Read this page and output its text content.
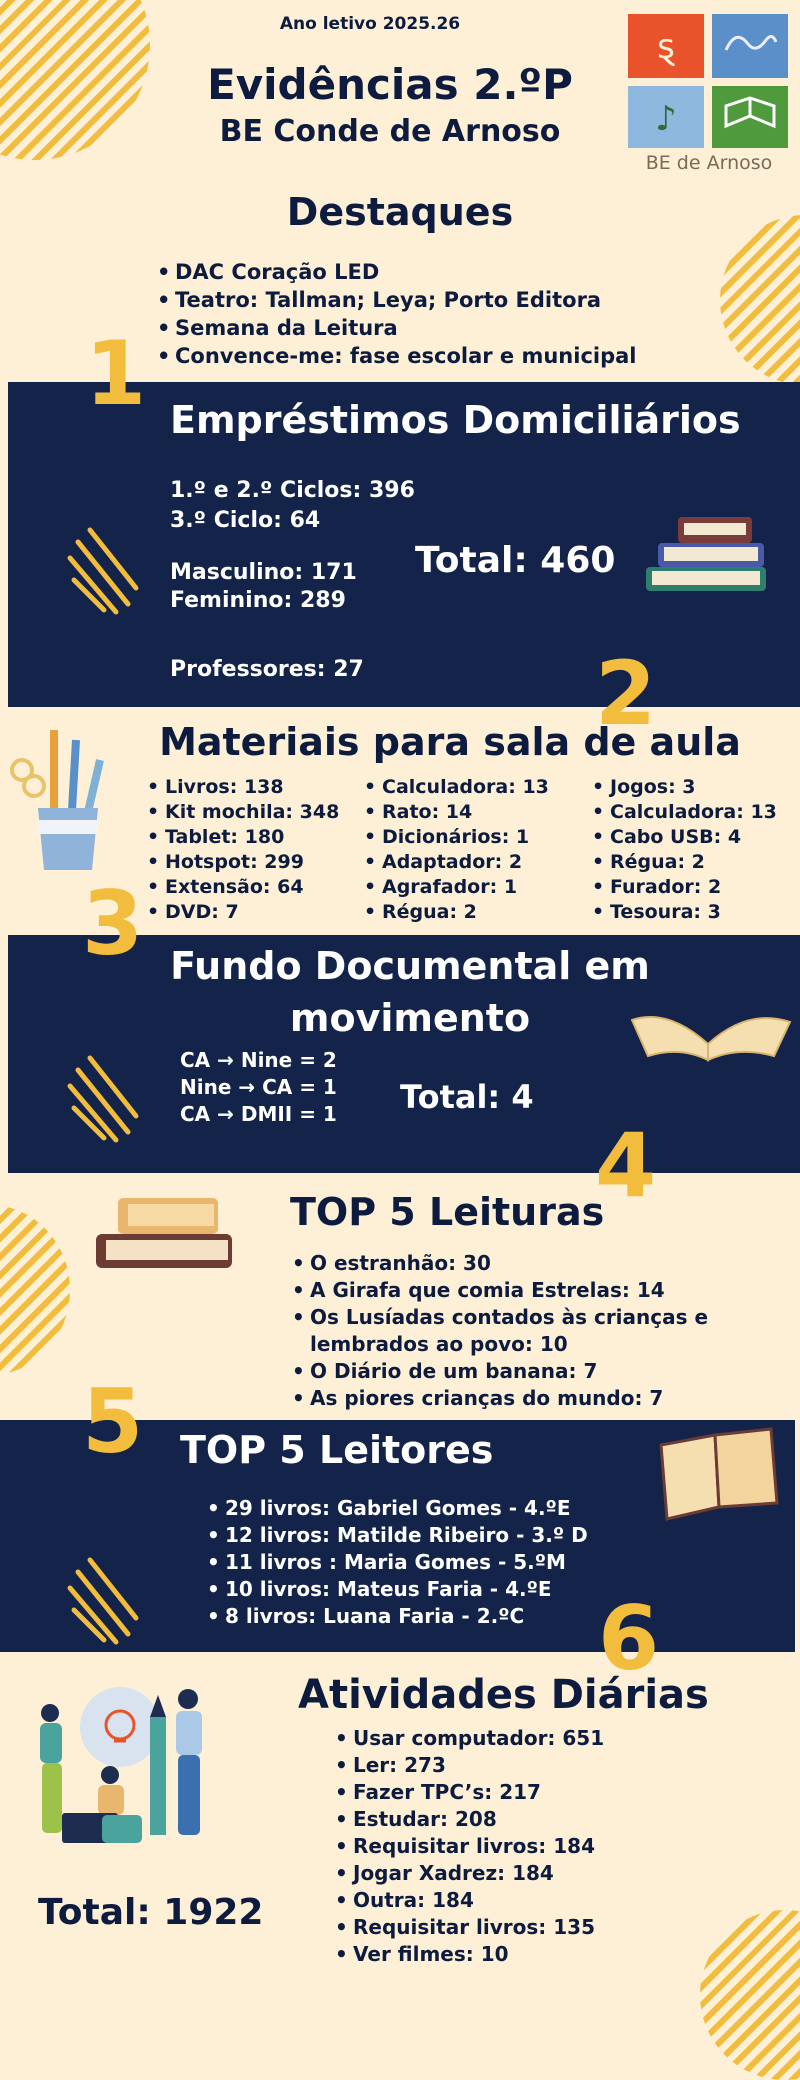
Ano letivo 2025.26
Evidências 2.ºP
BE Conde de Arnoso
ȿ
♪
BE de Arnoso
Destaques
• DAC Coração LED
• Teatro: Tallman; Leya; Porto Editora
• Semana da Leitura
• Convence-me: fase escolar e municipal
1 Empréstimos Domiciliários
1.º e 2.º Ciclos: 396
3.º Ciclo: 64
Masculino: 171
Feminino: 289
Professores: 27
Total: 460
2
Materiais para sala de aula
• Livros: 138
• Kit mochila: 348
• Tablet: 180
• Hotspot: 299
• Extensão: 64
• DVD: 7
• Calculadora: 13
• Rato: 14
• Dicionários: 1
• Adaptador: 2
• Agrafador: 1
• Régua: 2
• Jogos: 3
• Calculadora: 13
• Cabo USB: 4
• Régua: 2
• Furador: 2
• Tesoura: 3
3 Fundo Documental em movimento
CA → Nine = 2
Nine → CA = 1
CA → DMII = 1 Total: 4
4
TOP 5 Leituras
• O estranhão: 30
• A Girafa que comia Estrelas: 14
• Os Lusíadas contados às crianças e lembrados ao povo: 10
• O Diário de um banana: 7
• As piores crianças do mundo: 7
5 TOP 5 Leitores
• 29 livros: Gabriel Gomes - 4.ºE
• 12 livros: Matilde Ribeiro - 3.º D
• 11 livros : Maria Gomes - 5.ºM
• 10 livros: Mateus Faria - 4.ºE
• 8 livros: Luana Faria - 2.ºC 6
Atividades Diárias
• Usar computador: 651
• Ler: 273
• Fazer TPC’s: 217
• Estudar: 208
• Requisitar livros: 184
• Jogar Xadrez: 184
• Outra: 184
• Requisitar livros: 135
• Ver filmes: 10
Total: 1922
